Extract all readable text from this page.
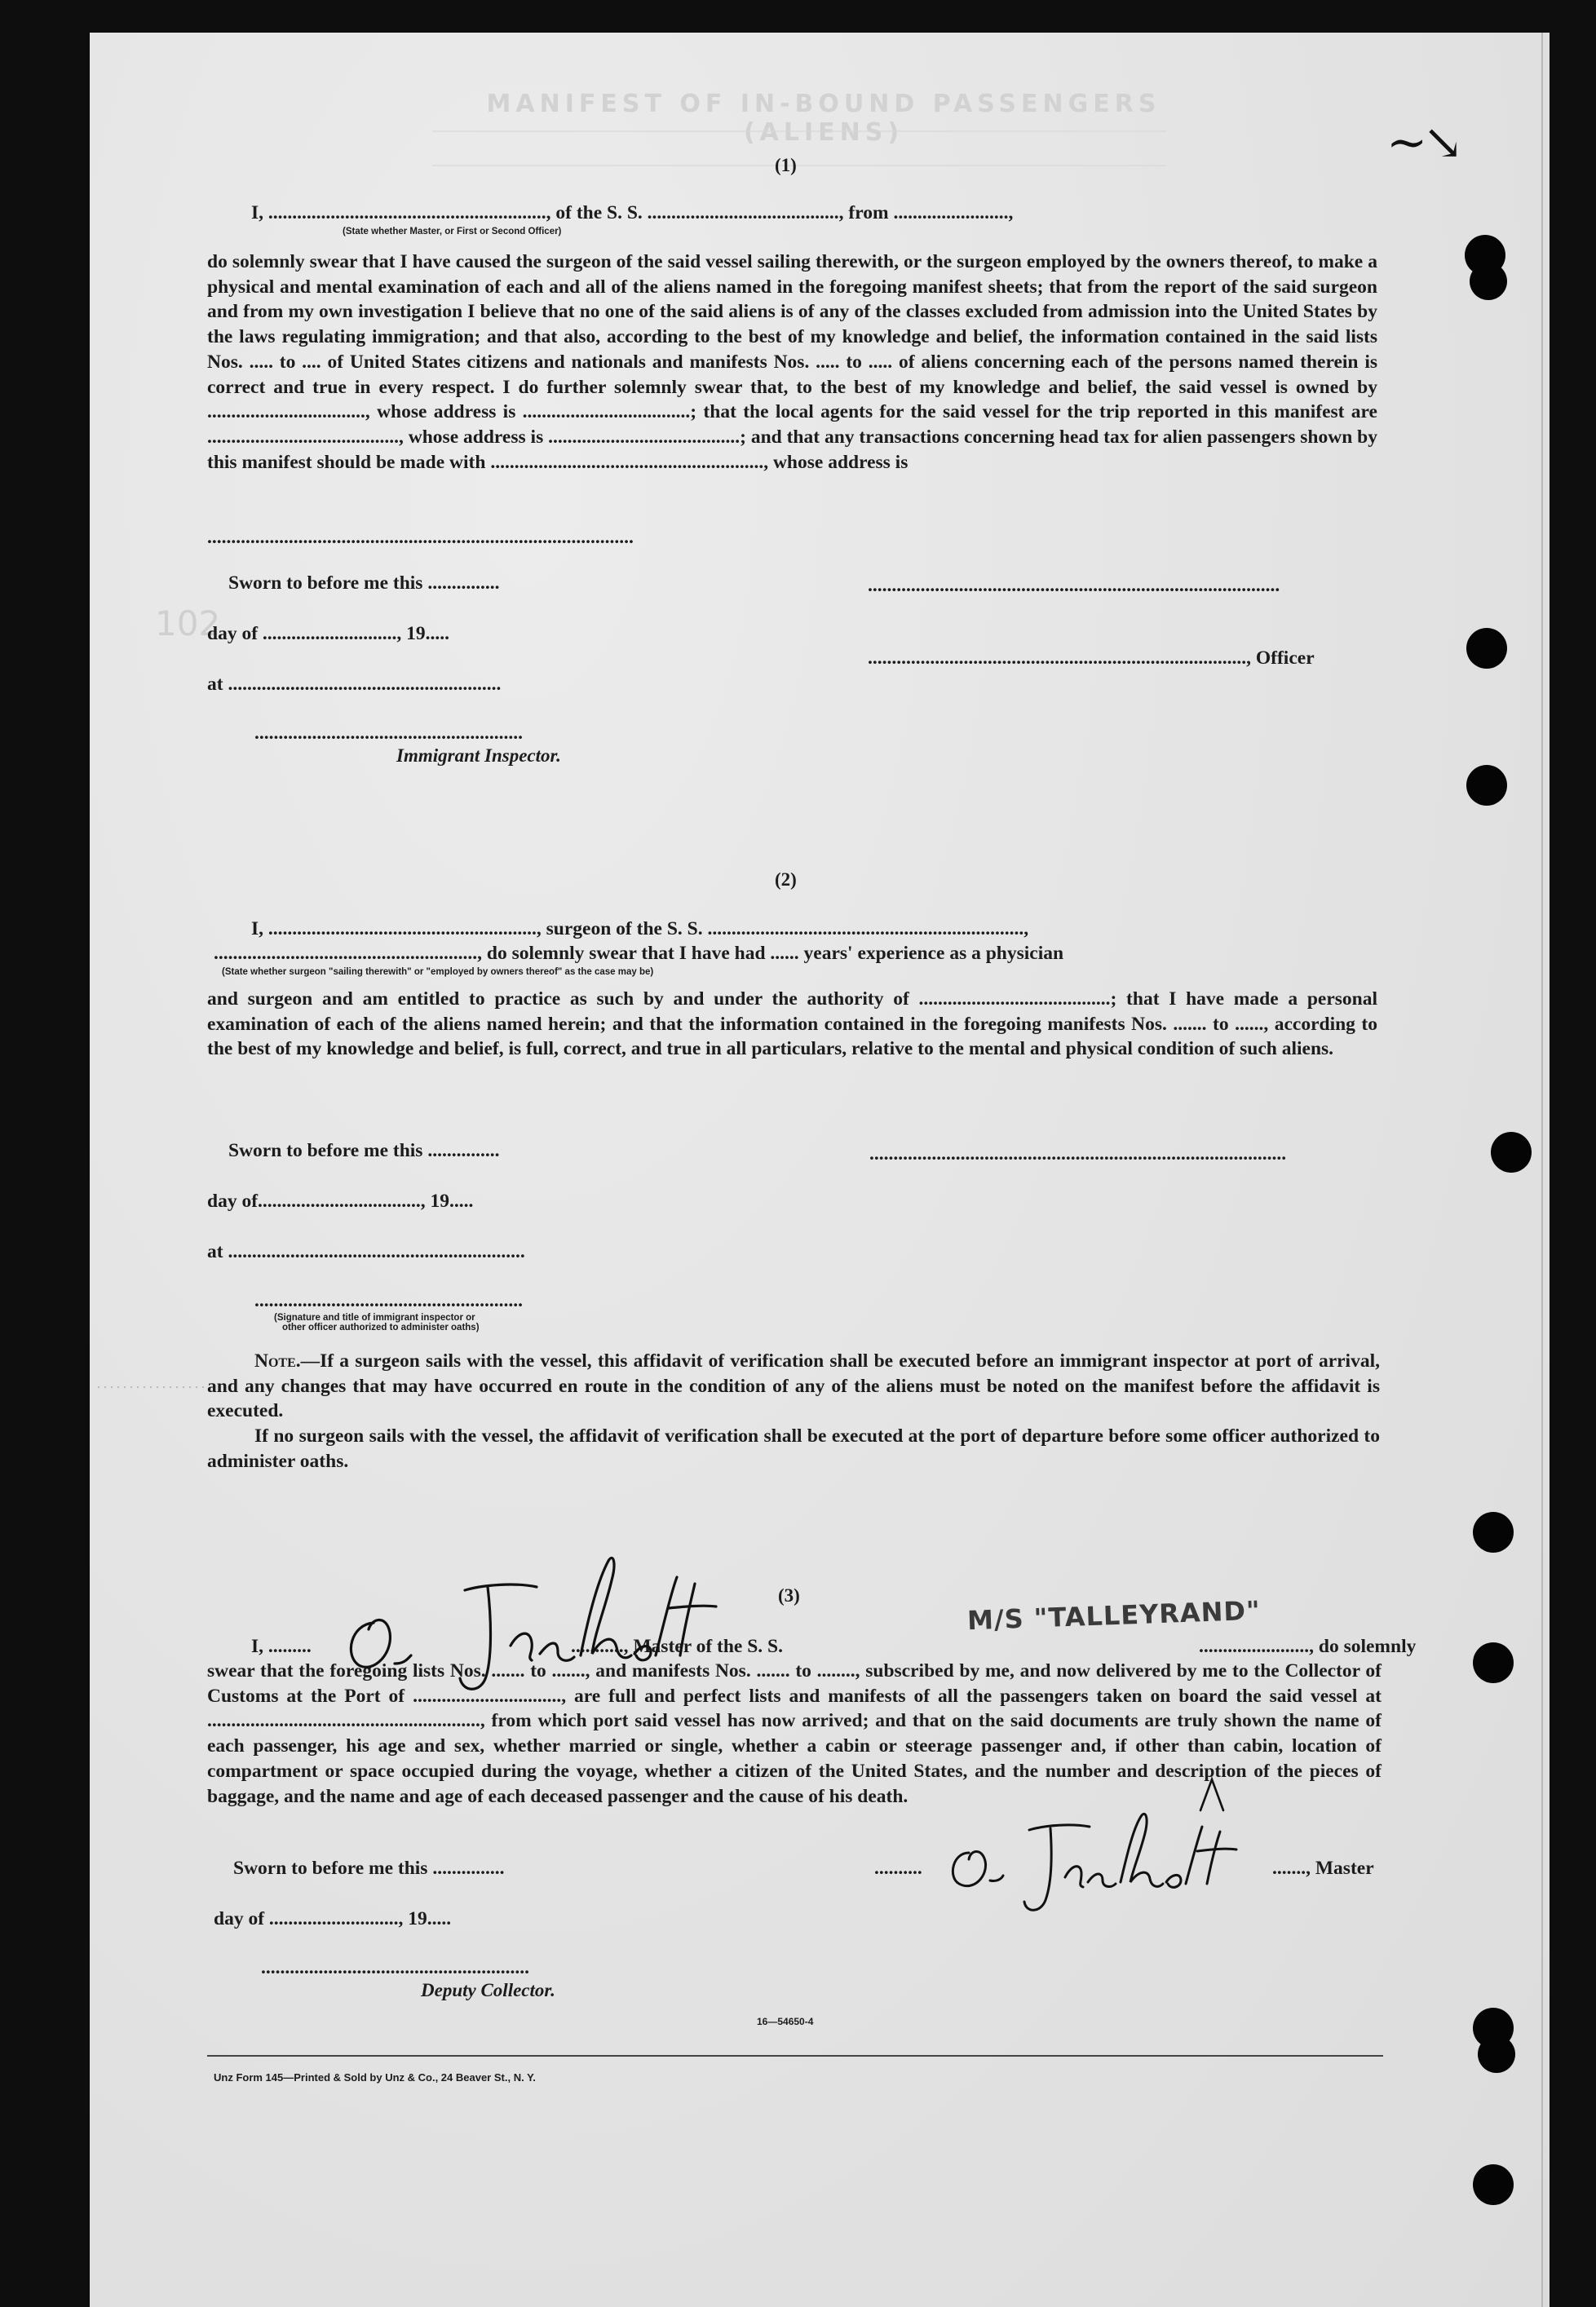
MANIFEST OF IN-BOUND PASSENGERS (ALIENS)
102
~↘
(1)
I, .........................................................., of the S. S. ........................................, from ........................,
(State whether Master, or First or Second Officer)

do solemnly swear that I have caused the surgeon of the said vessel sailing therewith, or the surgeon employed by the owners thereof, to make a physical and mental examination of each and all of the aliens named in the foregoing manifest sheets; that from the report of the said surgeon and from my own investigation I believe that no one of the said aliens is of any of the classes excluded from admission into the United States by the laws regulating immigration; and that also, according to the best of my knowledge and belief, the information contained in the said lists Nos. ..... to .... of United States citizens and nationals and manifests Nos. ..... to ..... of aliens concerning each of the persons named therein is correct and true in every respect. I do further solemnly swear that, to the best of my knowledge and belief, the said vessel is owned by ................................., whose address is ...................................; that the local agents for the said vessel for the trip reported in this manifest are ........................................, whose address is ........................................; and that any transactions concerning head tax for alien passengers shown by this manifest should be made with ........................................................., whose address is

.........................................................................................
Sworn to before me this ...............	......................................................................................
day of ............................, 19.....
..............................................................................., Officer
at .........................................................
........................................................
Immigrant Inspector.
(2)
I, ........................................................, surgeon of the S. S. ..................................................................,
......................................................., do solemnly swear that I have had ...... years' experience as a physician
(State whether surgeon "sailing therewith" or "employed by owners thereof" as the case may be)

and surgeon and am entitled to practice as such by and under the authority of ........................................; that I have made a personal examination of each of the aliens named herein; and that the information contained in the foregoing manifests Nos. ....... to ......, according to the best of my knowledge and belief, is full, correct, and true in all particulars, relative to the mental and physical condition of such aliens.

Sworn to before me this ...............	.......................................................................................
day of.................................., 19.....
at ..............................................................
........................................................
(Signature and title of immigrant inspector or
other officer authorized to administer oaths)

Note.—If a surgeon sails with the vessel, this affidavit of verification shall be executed before an immigrant inspector at port of arrival, and any changes that may have occurred en route in the condition of any of the aliens must be noted on the manifest before the affidavit is executed.

If no surgeon sails with the vessel, the affidavit of verification shall be executed at the port of departure before some officer authorized to administer oaths.

(3)
I, .........	..........., Master of the S. S.
M/S "TALLEYRAND"
......................., do solemnly

swear that the foregoing lists Nos. ....... to ......., and manifests Nos. ....... to ........, subscribed by me, and now delivered by me to the Collector of Customs at the Port of ..............................., are full and perfect lists and manifests of all the passengers taken on board the said vessel at ........................................................., from which port said vessel has now arrived; and that on the said documents are truly shown the name of each passenger, his age and sex, whether married or single, whether a cabin or steerage passenger and, if other than cabin, location of compartment or space occupied during the voyage, whether a citizen of the United States, and the number and description of the pieces of baggage, and the name and age of each deceased passenger and the cause of his death.

Sworn to before me this ...............	..........	......., Master
day of ..........................., 19.....
........................................................
Deputy Collector.
16—54650-4
Unz Form 145—Printed & Sold by Unz & Co., 24 Beaver St., N. Y.
